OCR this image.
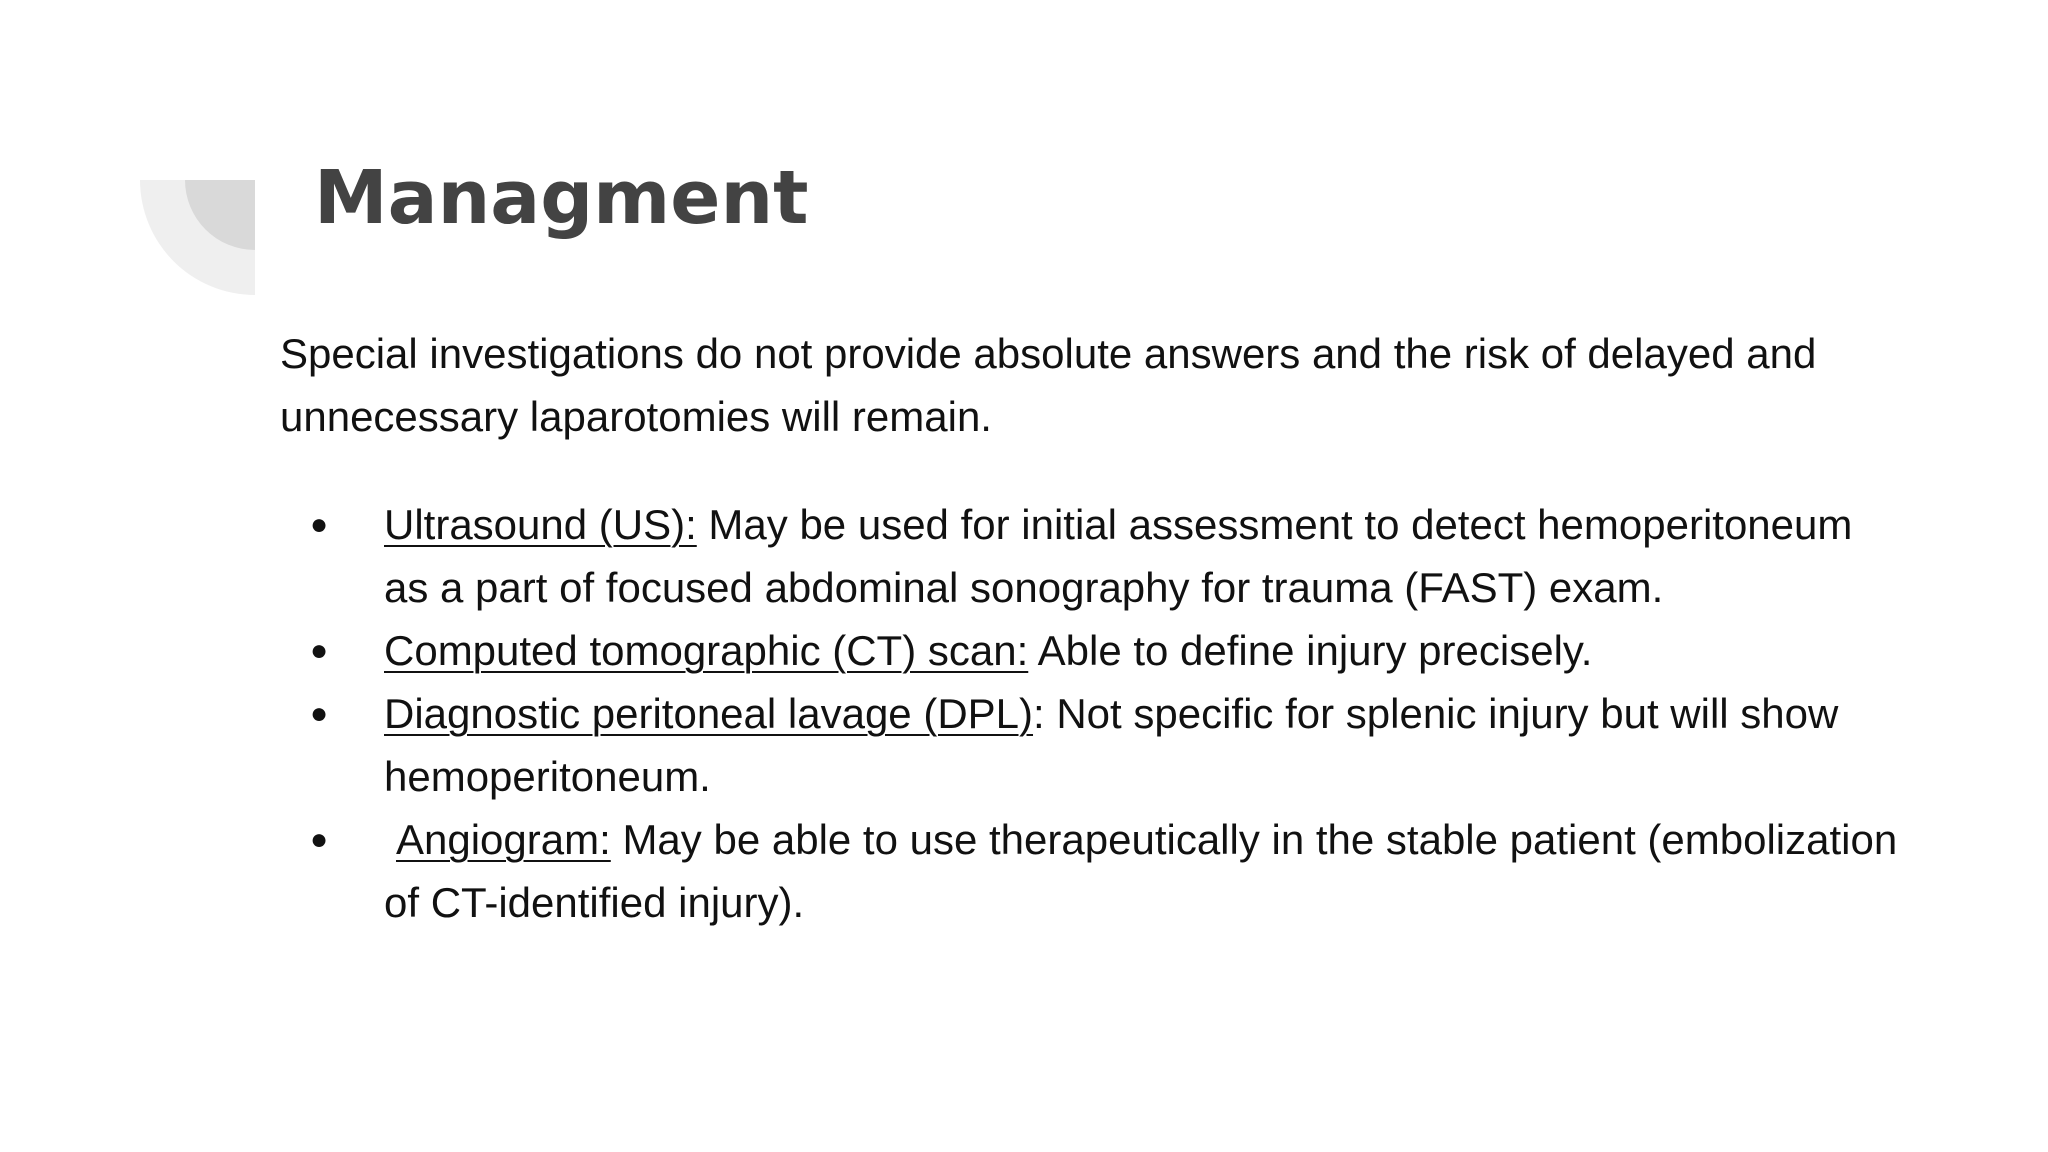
Managment

Special investigations do not provide absolute answers and the risk of delayed and unnecessary laparotomies will remain.

● Ultrasound (US): May be used for initial assessment to detect hemoperitoneum as a part of focused abdominal sonography for trauma (FAST) exam.
● Computed tomographic (CT) scan: Able to define injury precisely.
● Diagnostic peritoneal lavage (DPL): Not specific for splenic injury but will show hemoperitoneum.
● Angiogram: May be able to use therapeutically in the stable patient (embolization of CT-identified injury).
